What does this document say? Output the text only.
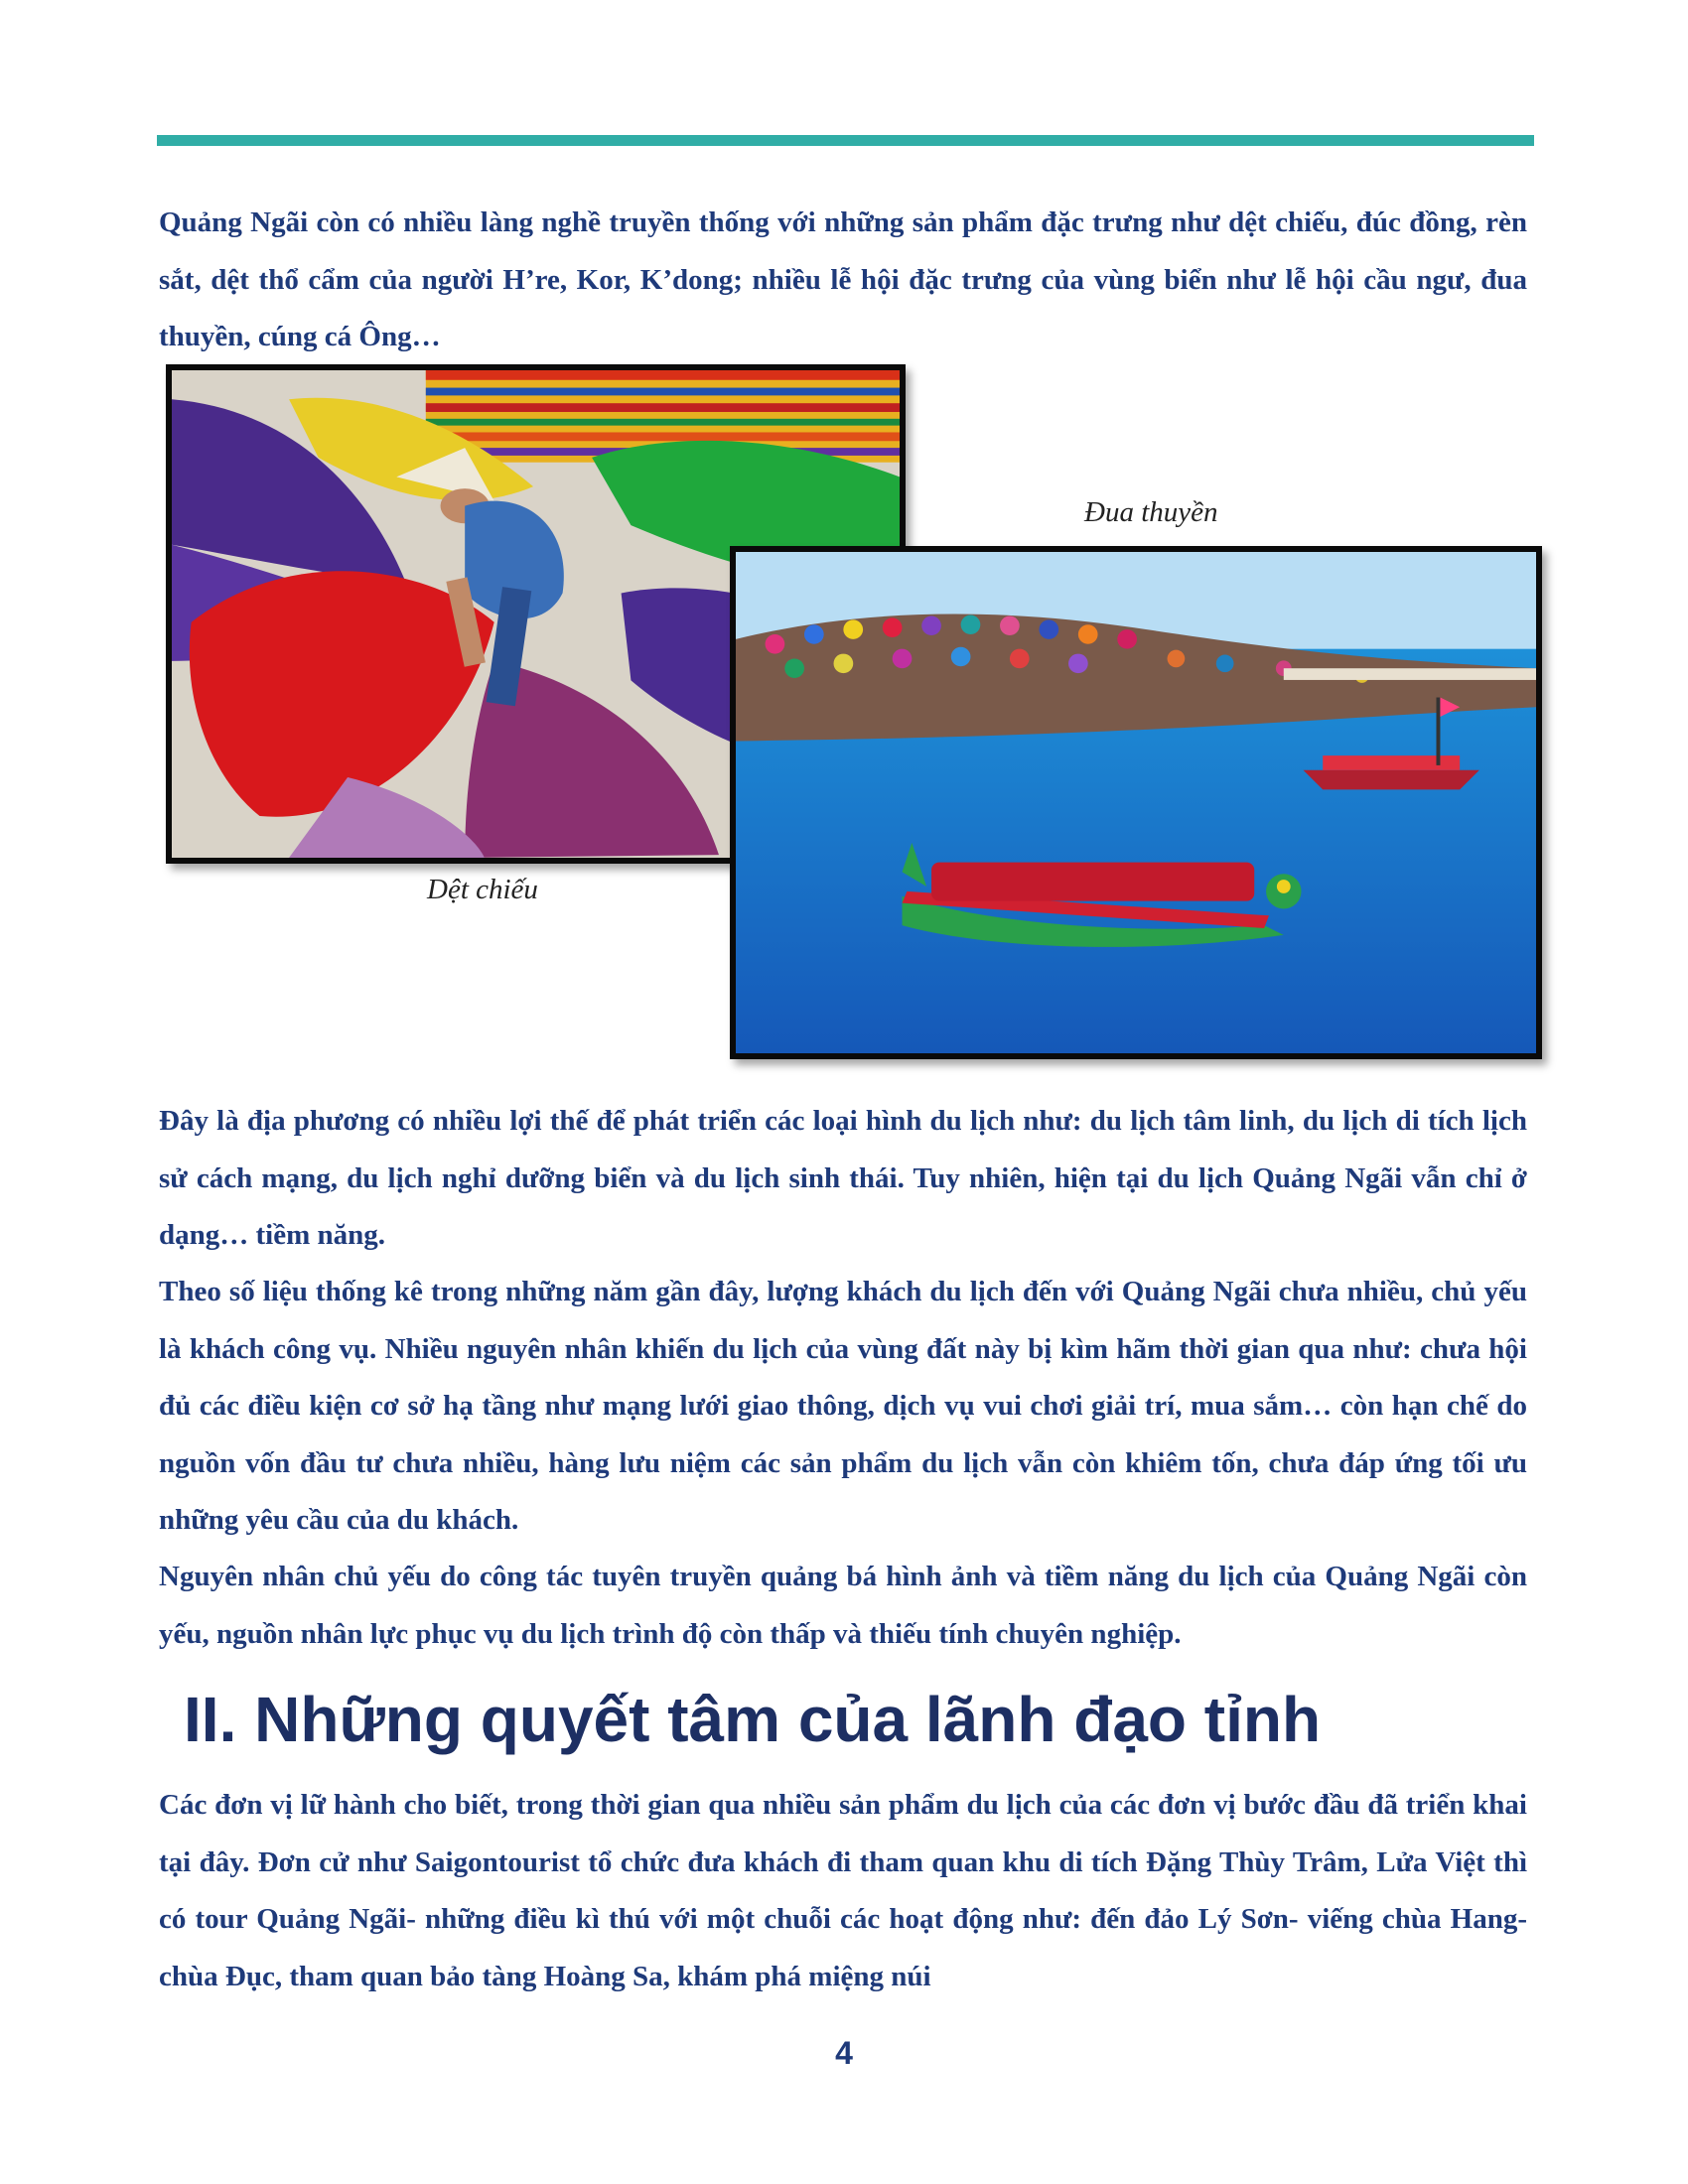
Quảng Ngãi còn có nhiều làng nghề truyền thống với những sản phẩm đặc trưng như dệt chiếu, đúc đồng, rèn sắt, dệt thổ cẩm của người H’re, Kor, K’dong; nhiều lễ hội đặc trưng của vùng biển như lễ hội cầu ngư, đua thuyền, cúng cá Ông…

Dệt chiếu

Đua thuyền

Đây là địa phương có nhiều lợi thế để phát triển các loại hình du lịch như: du lịch tâm linh, du lịch di tích lịch sử cách mạng, du lịch nghỉ dưỡng biển và du lịch sinh thái. Tuy nhiên, hiện tại du lịch Quảng Ngãi vẫn chỉ ở dạng… tiềm năng.

Theo số liệu thống kê trong những năm gần đây, lượng khách du lịch đến với Quảng Ngãi chưa nhiều, chủ yếu là khách công vụ. Nhiều nguyên nhân khiến du lịch của vùng đất này bị kìm hãm thời gian qua như: chưa hội đủ các điều kiện cơ sở hạ tầng như mạng lưới giao thông, dịch vụ vui chơi giải trí, mua sắm… còn hạn chế do nguồn vốn đầu tư chưa nhiều, hàng lưu niệm các sản phẩm du lịch vẫn còn khiêm tốn, chưa đáp ứng tối ưu những yêu cầu của du khách.

Nguyên nhân chủ yếu do công tác tuyên truyền quảng bá hình ảnh và tiềm năng du lịch của Quảng Ngãi còn yếu, nguồn nhân lực phục vụ du lịch trình độ còn thấp và thiếu tính chuyên nghiệp.

II. Những quyết tâm của lãnh đạo tỉnh

Các đơn vị lữ hành cho biết, trong thời gian qua nhiều sản phẩm du lịch của các đơn vị bước đầu đã triển khai tại đây. Đơn cử như Saigontourist tổ chức đưa khách đi tham quan khu di tích Đặng Thùy Trâm, Lửa Việt thì có tour Quảng Ngãi- những điều kì thú với một chuỗi các hoạt động như: đến đảo Lý Sơn- viếng chùa Hang- chùa Đục, tham quan bảo tàng Hoàng Sa, khám phá miệng núi

4
